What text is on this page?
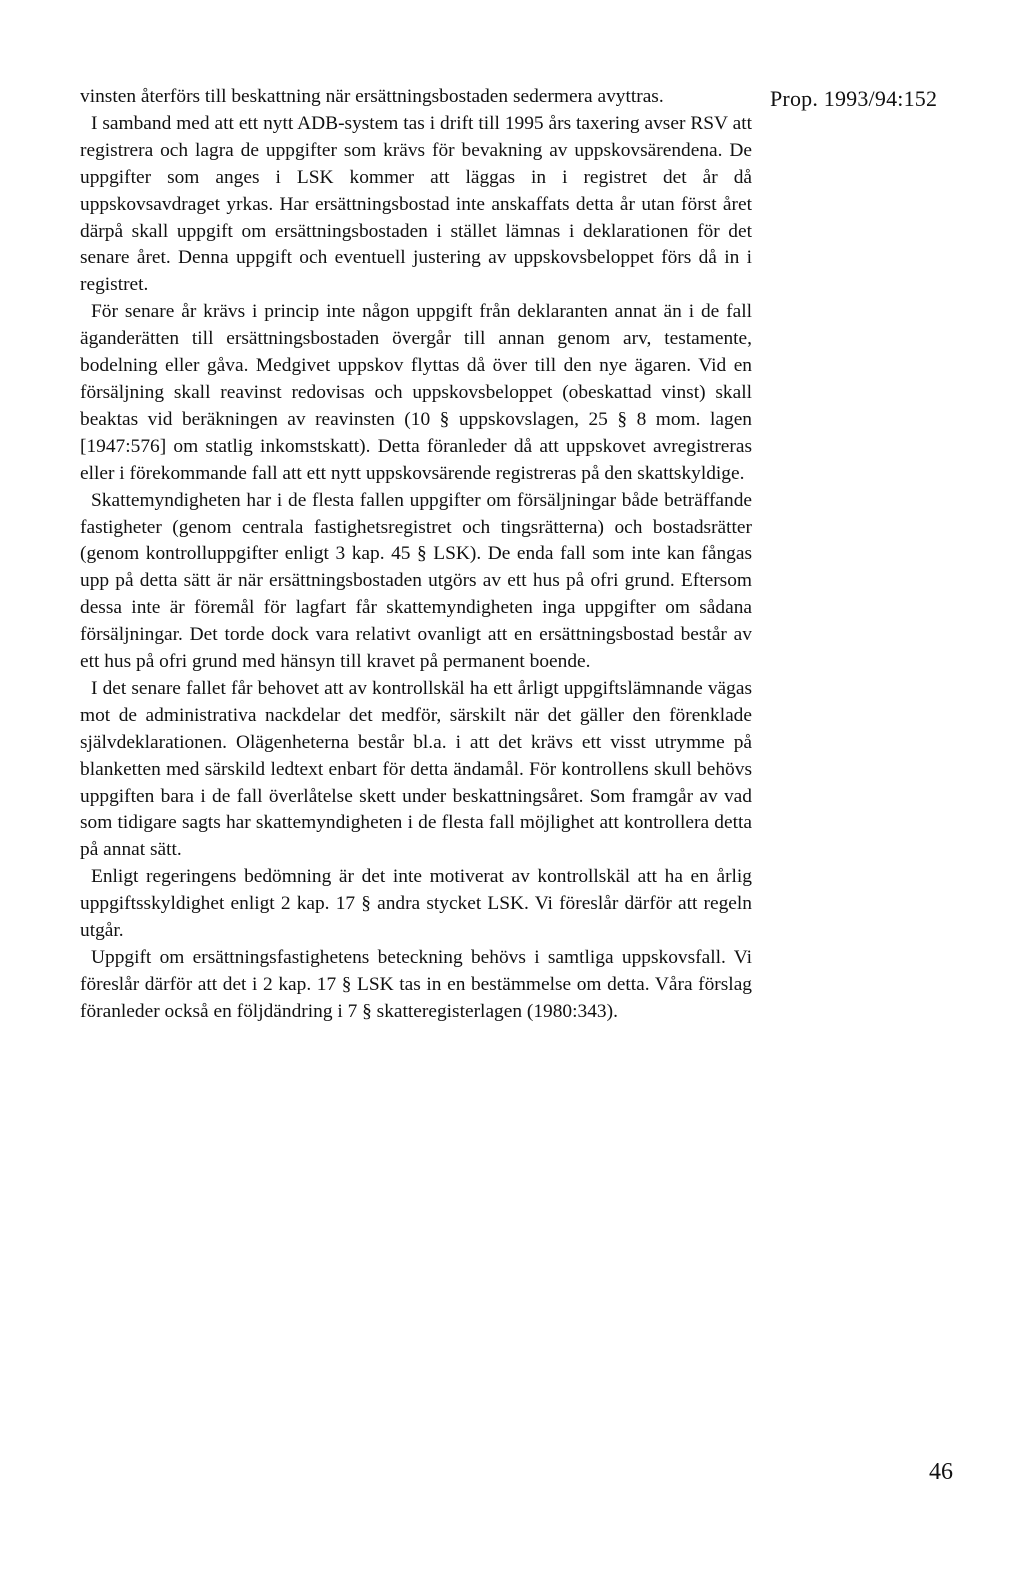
Prop. 1993/94:152

vinsten återförs till beskattning när ersättningsbostaden sedermera avyttras.

I samband med att ett nytt ADB-system tas i drift till 1995 års taxering avser RSV att registrera och lagra de uppgifter som krävs för bevakning av uppskovsärendena. De uppgifter som anges i LSK kommer att läggas in i registret det år då uppskovsavdraget yrkas. Har ersättningsbostad inte anskaffats detta år utan först året därpå skall uppgift om ersättningsbostaden i stället lämnas i deklarationen för det senare året. Denna uppgift och eventuell justering av uppskovsbeloppet förs då in i registret.

För senare år krävs i princip inte någon uppgift från deklaranten annat än i de fall äganderätten till ersättningsbostaden övergår till annan genom arv, testamente, bodelning eller gåva. Medgivet uppskov flyttas då över till den nye ägaren. Vid en försäljning skall reavinst redovisas och uppskovsbeloppet (obeskattad vinst) skall beaktas vid beräkningen av reavinsten (10 § uppskovslagen, 25 § 8 mom. lagen [1947:576] om statlig inkomstskatt). Detta föranleder då att uppskovet avregistreras eller i förekommande fall att ett nytt uppskovsärende registreras på den skattskyldige.

Skattemyndigheten har i de flesta fallen uppgifter om försäljningar både beträffande fastigheter (genom centrala fastighetsregistret och tingsrätterna) och bostadsrätter (genom kontrolluppgifter enligt 3 kap. 45 § LSK). De enda fall som inte kan fångas upp på detta sätt är när ersättningsbostaden utgörs av ett hus på ofri grund. Eftersom dessa inte är föremål för lagfart får skattemyndigheten inga uppgifter om sådana försäljningar. Det torde dock vara relativt ovanligt att en ersättningsbostad består av ett hus på ofri grund med hänsyn till kravet på permanent boende.

I det senare fallet får behovet att av kontrollskäl ha ett årligt uppgiftslämnande vägas mot de administrativa nackdelar det medför, särskilt när det gäller den förenklade självdeklarationen. Olägenheterna består bl.a. i att det krävs ett visst utrymme på blanketten med särskild ledtext enbart för detta ändamål. För kontrollens skull behövs uppgiften bara i de fall överlåtelse skett under beskattningsåret. Som framgår av vad som tidigare sagts har skattemyndigheten i de flesta fall möjlighet att kontrollera detta på annat sätt.

Enligt regeringens bedömning är det inte motiverat av kontrollskäl att ha en årlig uppgiftsskyldighet enligt 2 kap. 17 § andra stycket LSK. Vi föreslår därför att regeln utgår.

Uppgift om ersättningsfastighetens beteckning behövs i samtliga uppskovsfall. Vi föreslår därför att det i 2 kap. 17 § LSK tas in en bestämmelse om detta. Våra förslag föranleder också en följdändring i 7 § skatteregisterlagen (1980:343).

46
